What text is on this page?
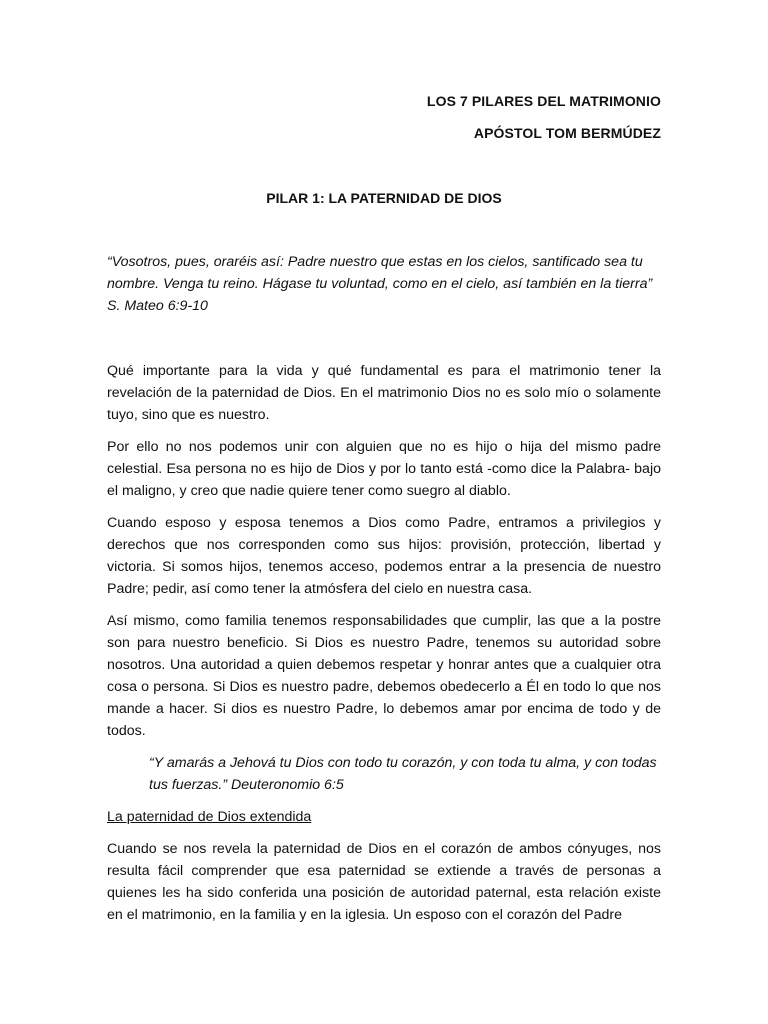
LOS 7 PILARES DEL MATRIMONIO
APÓSTOL TOM BERMÚDEZ
PILAR 1: LA PATERNIDAD DE DIOS
“Vosotros, pues, oraréis así: Padre nuestro que estas en los cielos, santificado sea tu nombre. Venga tu reino. Hágase tu voluntad, como en el cielo, así también en la tierra” S. Mateo 6:9-10

Qué importante para la vida y qué fundamental es para el matrimonio tener la revelación de la paternidad de Dios. En el matrimonio Dios no es solo mío o solamente tuyo, sino que es nuestro.

Por ello no nos podemos unir con alguien que no es hijo o hija del mismo padre celestial. Esa persona no es hijo de Dios y por lo tanto está -como dice la Palabra- bajo el maligno, y creo que nadie quiere tener como suegro al diablo.

Cuando esposo y esposa tenemos a Dios como Padre, entramos a privilegios y derechos que nos corresponden como sus hijos: provisión, protección, libertad y victoria. Si somos hijos, tenemos acceso, podemos entrar a la presencia de nuestro Padre; pedir, así como tener la atmósfera del cielo en nuestra casa.

Así mismo, como familia tenemos responsabilidades que cumplir, las que a la postre son para nuestro beneficio. Si Dios es nuestro Padre, tenemos su autoridad sobre nosotros. Una autoridad a quien debemos respetar y honrar antes que a cualquier otra cosa o persona. Si Dios es nuestro padre, debemos obedecerlo a Él en todo lo que nos mande a hacer. Si dios es nuestro Padre, lo debemos amar por encima de todo y de todos.

“Y amarás a Jehová tu Dios con todo tu corazón, y con toda tu alma, y con todas tus fuerzas.” Deuteronomio 6:5

La paternidad de Dios extendida

Cuando se nos revela la paternidad de Dios en el corazón de ambos cónyuges, nos resulta fácil comprender que esa paternidad se extiende a través de personas a quienes les ha sido conferida una posición de autoridad paternal, esta relación existe en el matrimonio, en la familia y en la iglesia. Un esposo con el corazón del Padre
